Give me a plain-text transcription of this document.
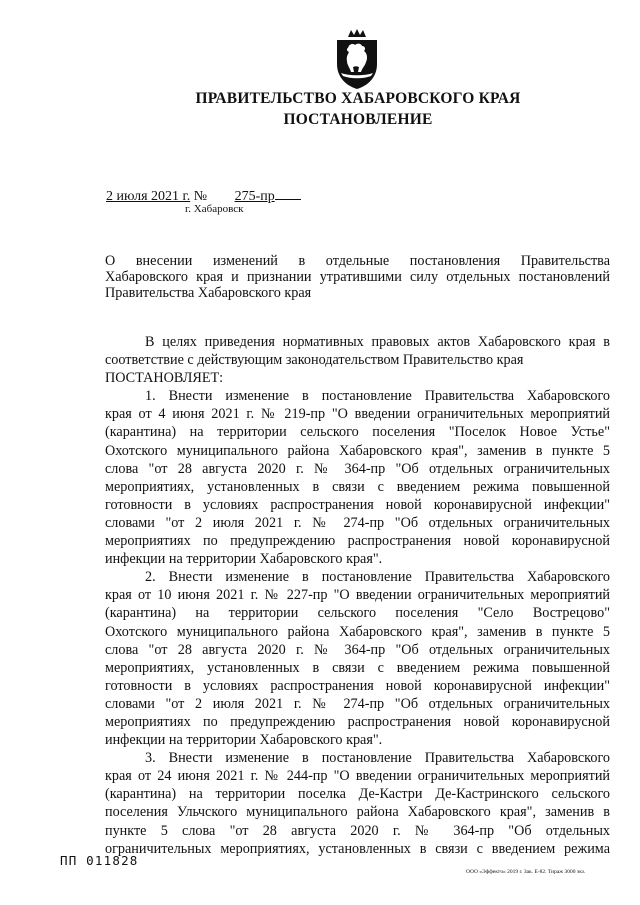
ПРАВИТЕЛЬСТВО ХАБАРОВСКОГО КРАЯ
ПОСТАНОВЛЕНИЕ
2 июля 2021 г. № 275-пр
г. Хабаровск
О внесении изменений в отдельные постановления Правительства
Хабаровского края и признании утратившими силу отдельных постановлений
Правительства Хабаровского края
В целях приведения нормативных правовых актов Хабаровского края в
соответствие с действующим законодательством Правительство края
ПОСТАНОВЛЯЕТ:
1. Внести изменение в постановление Правительства Хабаровского
края от 4 июня 2021 г. № 219-пр "О введении ограничительных мероприятий
(карантина) на территории сельского поселения "Поселок Новое Устье"
Охотского муниципального района Хабаровского края", заменив в пункте 5
слова "от 28 августа 2020 г. № 364-пр "Об отдельных ограничительных
мероприятиях, установленных в связи с введением режима повышенной
готовности в условиях распространения новой коронавирусной инфекции"
словами "от 2 июля 2021 г. № 274-пр "Об отдельных ограничительных
мероприятиях по предупреждению распространения новой коронавирусной
инфекции на территории Хабаровского края".
2. Внести изменение в постановление Правительства Хабаровского
края от 10 июня 2021 г. № 227-пр "О введении ограничительных мероприятий
(карантина) на территории сельского поселения "Село Вострецово"
Охотского муниципального района Хабаровского края", заменив в пункте 5
слова "от 28 августа 2020 г. № 364-пр "Об отдельных ограничительных
мероприятиях, установленных в связи с введением режима повышенной
готовности в условиях распространения новой коронавирусной инфекции"
словами "от 2 июля 2021 г. № 274-пр "Об отдельных ограничительных
мероприятиях по предупреждению распространения новой коронавирусной
инфекции на территории Хабаровского края".
3. Внести изменение в постановление Правительства Хабаровского
края от 24 июня 2021 г. № 244-пр "О введении ограничительных мероприятий
(карантина) на территории поселка Де-Кастри Де-Кастринского сельского
поселения Ульчского муниципального района Хабаровского края", заменив в
пункте 5 слова "от 28 августа 2020 г. № 364-пр "Об отдельных
ограничительных мероприятиях, установленных в связи с введением режима
ПП 011828
ООО «Эффектч» 2019 г. Зак. Е-82. Тираж 3000 экз.
